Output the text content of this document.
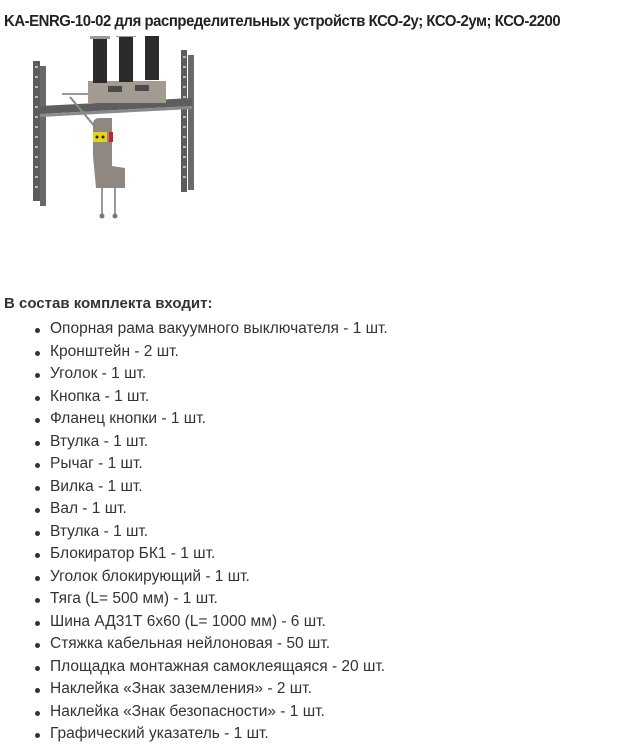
KA-ENRG-10-02 для распределительных устройств КСО-2у; КСО-2ум; КСО-2200
В состав комплекта входит:
Опорная рама вакуумного выключателя - 1 шт.
Кронштейн - 2 шт.
Уголок - 1 шт.
Кнопка - 1 шт.
Фланец кнопки - 1 шт.
Втулка - 1 шт.
Рычаг - 1 шт.
Вилка - 1 шт.
Вал - 1 шт.
Втулка - 1 шт.
Блокиратор БК1 - 1 шт.
Уголок блокирующий - 1 шт.
Тяга (L= 500 мм) - 1 шт.
Шина АД31Т 6х60 (L= 1000 мм) - 6 шт.
Стяжка кабельная нейлоновая - 50 шт.
Площадка монтажная самоклеящаяся - 20 шт.
Наклейка «Знак заземления» - 2 шт.
Наклейка «Знак безопасности» - 1 шт.
Графический указатель - 1 шт.
